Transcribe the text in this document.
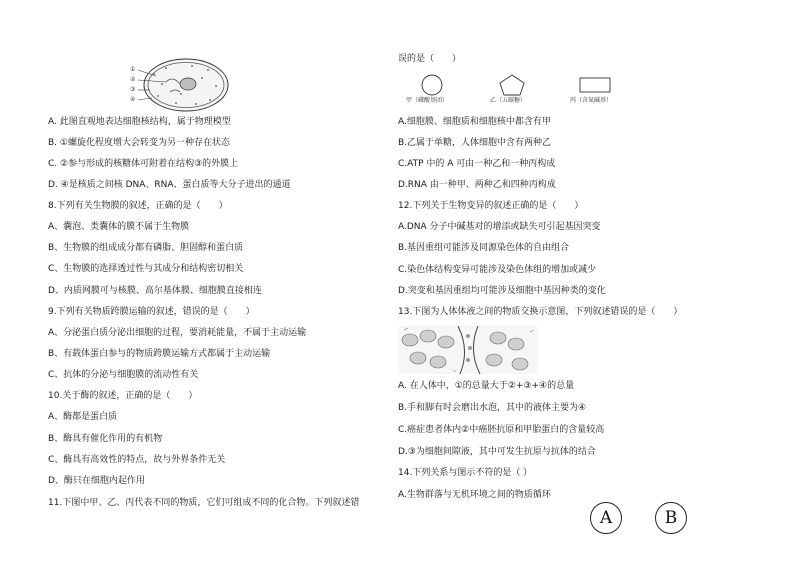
①
②
③
④
A. 此图直观地表达细胞核结构，属于物理模型
B. ①螺旋化程度增大会转变为另一种存在状态
C. ②参与形成的核糖体可附着在结构③的外膜上
D. ④是核质之间核 DNA、RNA、蛋白质等大分子进出的通道
8.下列有关生物膜的叙述，正确的是（　　）
A、囊泡、类囊体的膜不属于生物膜
B、生物膜的组成成分都有磷脂、胆固醇和蛋白质
C、生物膜的选择透过性与其成分和结构密切相关
D、内质网膜可与核膜、高尔基体膜、细胞膜直接相连
9.下列有关物质跨膜运输的叙述，错误的是（　　）
A、分泌蛋白质分泌出细胞的过程，要消耗能量，不属于主动运输
B、有载体蛋白参与的物质跨膜运输方式都属于主动运输
C、抗体的分泌与细胞膜的流动性有关
10.关于酶的叙述，正确的是（　　）
A、酶都是蛋白质
B、酶具有催化作用的有机物
C、酶具有高效性的特点，故与外界条件无关
D、酶只在细胞内起作用
11.下图中甲、乙、丙代表不同的物质，它们可组成不同的化合物。下列叙述错
误的是（　　）
甲（磷酸基团）	乙（五碳糖）	丙（含氮碱基）
A.细胞膜、细胞质和细胞核中都含有甲
B.乙属于单糖，人体细胞中含有两种乙
C.ATP 中的 A 可由一种乙和一种丙构成
D.RNA 由一种甲、两种乙和四种丙构成
12.下列关于生物变异的叙述正确的是（　　）
A.DNA 分子中碱基对的增添或缺失可引起基因突变
B.基因重组可能涉及同源染色体的自由组合
C.染色体结构变异可能涉及染色体组的增加或减少
D.突变和基因重组均可能涉及细胞中基因种类的变化
13.下图为人体体液之间的物质交换示意图，下列叙述错误的是（　　）
A. 在人体中，①的总量大于②+③+④的总量
B.手和脚有时会磨出水泡，其中的液体主要为④
C.癌症患者体内②中癌胚抗原和甲胎蛋白的含量较高
D.③为细胞间隙液，其中可发生抗原与抗体的结合
14.下列关系与图示不符的是（ ）
A.生物群落与无机环境之间的物质循环
A	B
